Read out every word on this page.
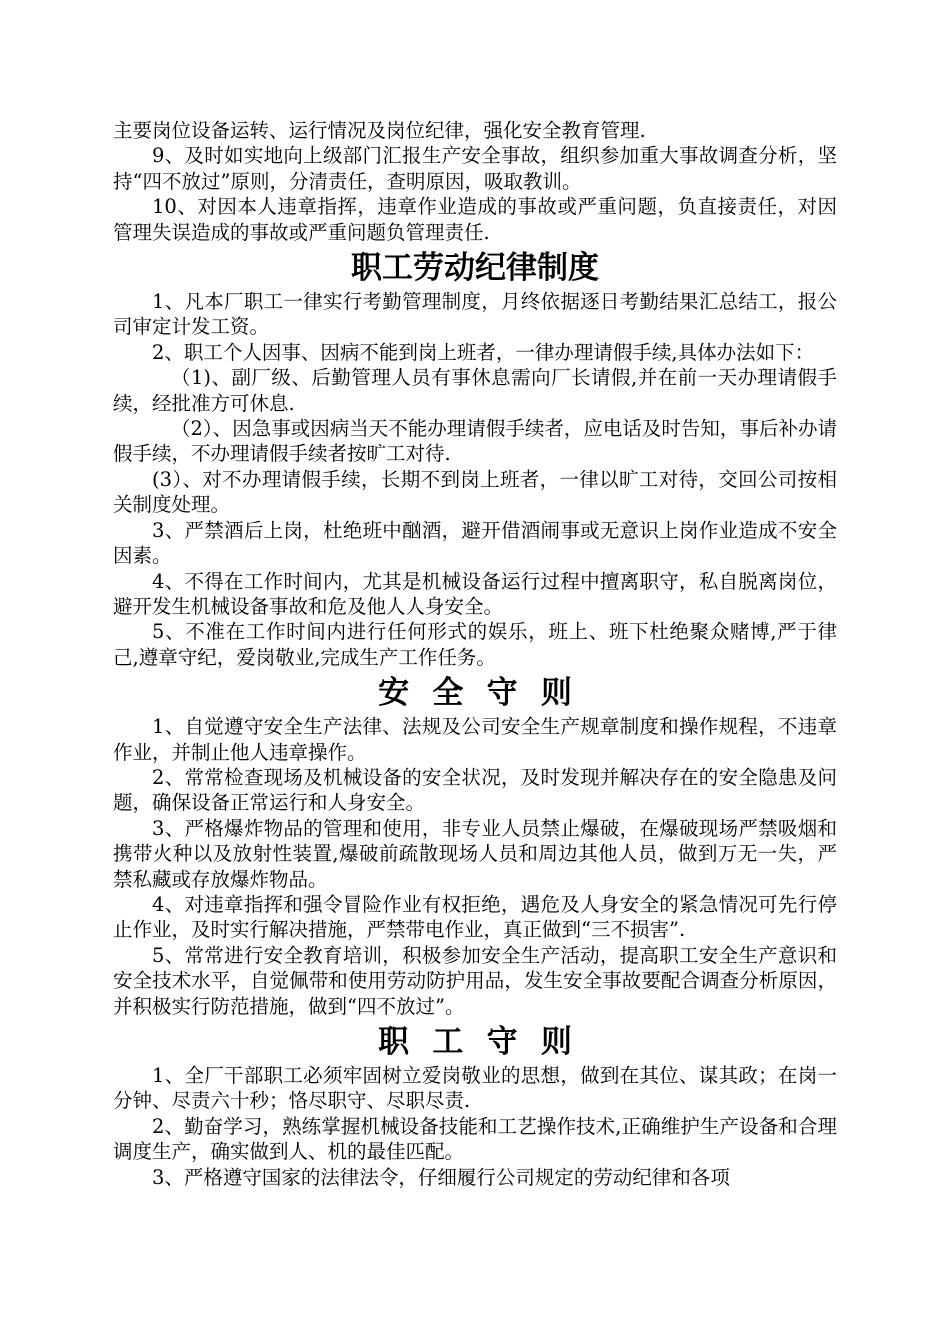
主要岗位设备运转、运行情况及岗位纪律，强化安全教育管理.

9、及时如实地向上级部门汇报生产安全事故，组织参加重大事故调查分析，坚持“四不放过”原则，分清责任，查明原因，吸取教训。

10、对因本人违章指挥，违章作业造成的事故或严重问题，负直接责任，对因管理失误造成的事故或严重问题负管理责任.

职工劳动纪律制度

1、凡本厂职工一律实行考勤管理制度，月终依据逐日考勤结果汇总结工，报公司审定计发工资。

2、职工个人因事、因病不能到岗上班者，一律办理请假手续,具体办法如下：

（1)、副厂级、后勤管理人员有事休息需向厂长请假,并在前一天办理请假手续，经批准方可休息.

（2）、因急事或因病当天不能办理请假手续者，应电话及时告知，事后补办请假手续，不办理请假手续者按旷工对待.

(3）、对不办理请假手续，长期不到岗上班者，一律以旷工对待，交回公司按相关制度处理。

3、严禁酒后上岗，杜绝班中酗酒，避开借酒闹事或无意识上岗作业造成不安全因素。

4、不得在工作时间内，尤其是机械设备运行过程中擅离职守，私自脱离岗位，避开发生机械设备事故和危及他人人身安全。

5、不准在工作时间内进行任何形式的娱乐，班上、班下杜绝聚众赌博,严于律己,遵章守纪，爱岗敬业,完成生产工作任务。

安全守则

1、自觉遵守安全生产法律、法规及公司安全生产规章制度和操作规程，不违章作业，并制止他人违章操作。

2、常常检查现场及机械设备的安全状况，及时发现并解决存在的安全隐患及问题，确保设备正常运行和人身安全。

3、严格爆炸物品的管理和使用，非专业人员禁止爆破，在爆破现场严禁吸烟和携带火种以及放射性装置,爆破前疏散现场人员和周边其他人员，做到万无一失，严禁私藏或存放爆炸物品。

4、对违章指挥和强令冒险作业有权拒绝，遇危及人身安全的紧急情况可先行停止作业，及时实行解决措施，严禁带电作业，真正做到“三不损害”.

5、常常进行安全教育培训，积极参加安全生产活动，提高职工安全生产意识和安全技术水平，自觉佩带和使用劳动防护用品，发生安全事故要配合调查分析原因，并积极实行防范措施，做到“四不放过”。

职工守则

1、全厂干部职工必须牢固树立爱岗敬业的思想，做到在其位、谋其政；在岗一分钟、尽责六十秒；恪尽职守、尽职尽责.

2、勤奋学习，熟练掌握机械设备技能和工艺操作技术,正确维护生产设备和合理调度生产，确实做到人、机的最佳匹配。

3、严格遵守国家的法律法令，仔细履行公司规定的劳动纪律和各项
